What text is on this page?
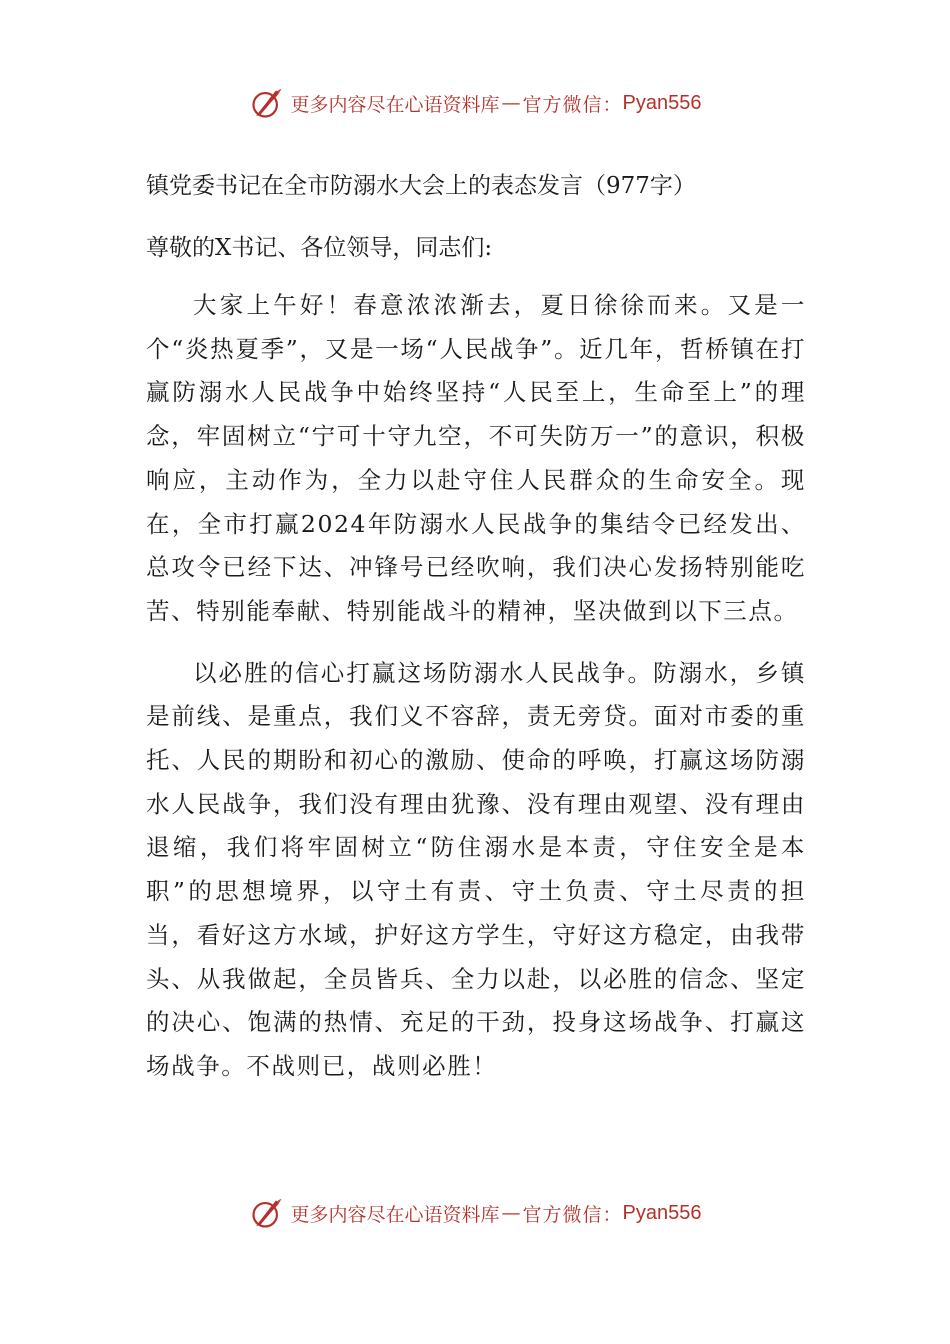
更多内容尽在心语资料库 — 官方微信： Pyan556
镇党委书记在全市防溺水大会上的表态发言（977字）
尊敬的X书记、各位领导，同志们:

大家上午好！春意浓浓渐去，夏日徐徐而来。又是一个“炎热夏季”，又是一场“人民战争”。近几年，哲桥镇在打赢防溺水人民战争中始终坚持“人民至上，生命至上”的理念，牢固树立“宁可十守九空，不可失防万一”的意识，积极响应，主动作为，全力以赴守住人民群众的生命安全。现在，全市打赢2024年防溺水人民战争的集结令已经发出、总攻令已经下达、冲锋号已经吹响，我们决心发扬特别能吃苦、特别能奉献、特别能战斗的精神，坚决做到以下三点。

以必胜的信心打赢这场防溺水人民战争。防溺水，乡镇是前线、是重点，我们义不容辞，责无旁贷。面对市委的重托、人民的期盼和初心的激励、使命的呼唤，打赢这场防溺水人民战争，我们没有理由犹豫、没有理由观望、没有理由退缩，我们将牢固树立“防住溺水是本责，守住安全是本职”的思想境界，以守土有责、守土负责、守土尽责的担当，看好这方水域，护好这方学生，守好这方稳定，由我带头、从我做起，全员皆兵、全力以赴，以必胜的信念、坚定的决心、饱满的热情、充足的干劲，投身这场战争、打赢这场战争。不战则已，战则必胜！

更多内容尽在心语资料库 — 官方微信： Pyan556
